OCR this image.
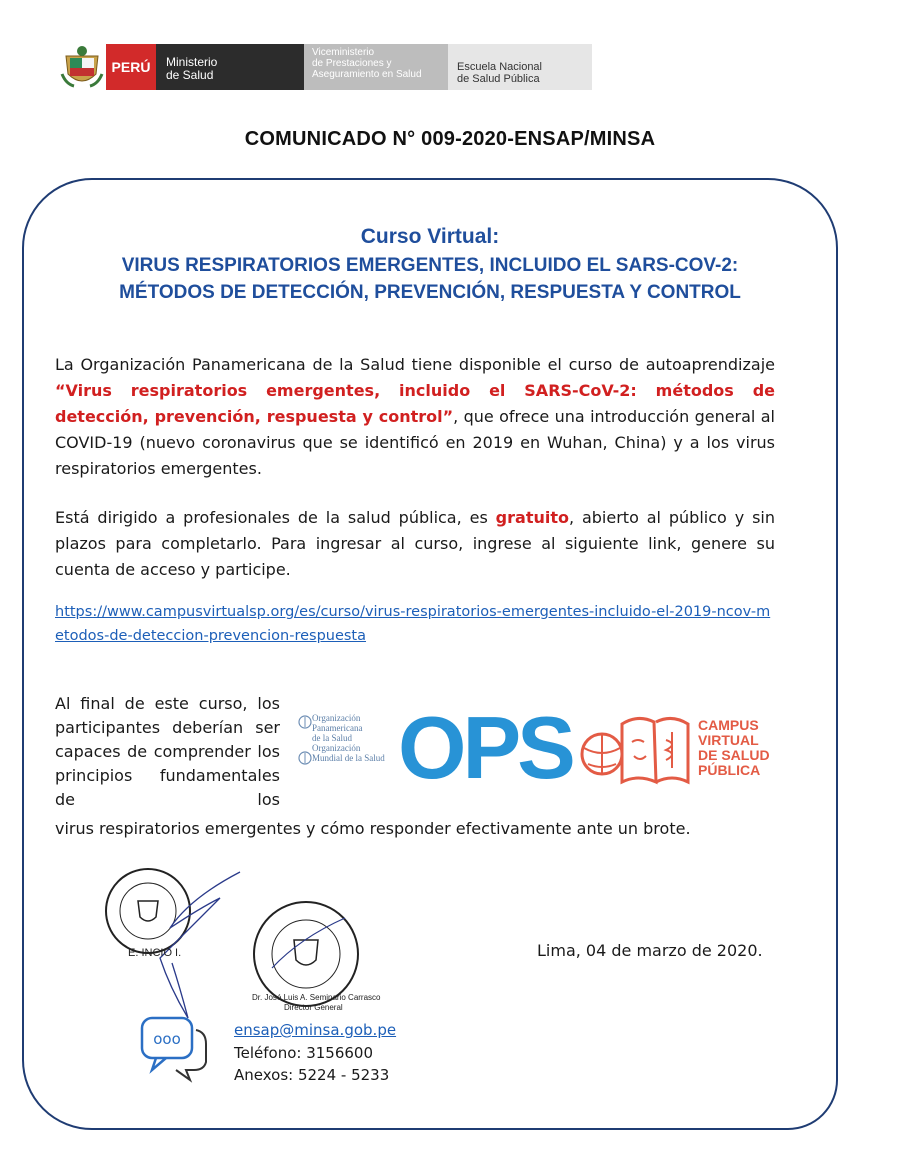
PERÚ	Ministerio
de Salud
Viceministerio
de Prestaciones y
Aseguramiento en Salud
Escuela Nacional
de Salud Pública
COMUNICADO N° 009-2020-ENSAP/MINSA
Curso Virtual:
VIRUS RESPIRATORIOS EMERGENTES, INCLUIDO EL SARS-COV-2:
MÉTODOS DE DETECCIÓN, PREVENCIÓN, RESPUESTA Y CONTROL
La Organización Panamericana de la Salud tiene disponible el curso de autoaprendizaje “Virus respiratorios emergentes, incluido el SARS-CoV-2: métodos de detección, prevención, respuesta y control”, que ofrece una introducción general al COVID-19 (nuevo coronavirus que se identificó en 2019 en Wuhan, China) y a los virus respiratorios emergentes.
Está dirigido a profesionales de la salud pública, es gratuito, abierto al público y sin plazos para completarlo. Para ingresar al curso, ingrese al siguiente link, genere su cuenta de acceso y participe.
https://www.campusvirtualsp.org/es/curso/virus-respiratorios-emergentes-incluido-el-2019-ncov-metodos-de-deteccion-prevencion-respuesta
Al final de este curso, los participantes deberían ser capaces de comprender los principios fundamentales de los
virus respiratorios emergentes y cómo responder efectivamente ante un brote.
Organización
Panamericana
de la Salud
Organización
Mundial de la Salud OPS	CAMPUS
VIRTUAL
DE SALUD
PÚBLICA
E. INCIO I.
Dr. José Luis A. Seminario Carrasco
Director General
Lima, 04 de marzo de 2020.
ooo	ensap@minsa.gob.pe
Teléfono: 3156600
Anexos: 5224 - 5233
